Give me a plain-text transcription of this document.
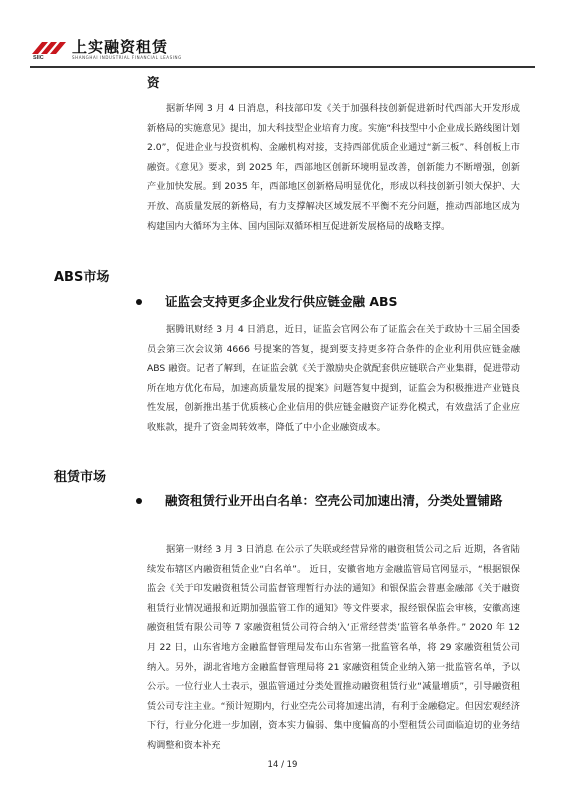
SIIC
上实融资租赁
SHANGHAI INDUSTRIAL FINANCIAL LEASING
资

据新华网 3 月 4 日消息，科技部印发《关于加强科技创新促进新时代西部大开发形成新格局的实施意见》提出，加大科技型企业培育力度。实施“科技型中小企业成长路线图计划 2.0”，促进企业与投资机构、金融机构对接，支持西部优质企业通过“新三板”、科创板上市融资。《意见》要求，到 2025 年，西部地区创新环境明显改善，创新能力不断增强，创新产业加快发展。到 2035 年，西部地区创新格局明显优化，形成以科技创新引领大保护、大开放、高质量发展的新格局，有力支撑解决区域发展不平衡不充分问题，推动西部地区成为构建国内大循环为主体、国内国际双循环相互促进新发展格局的战略支撑。

ABS市场
证监会支持更多企业发行供应链金融 ABS

据腾讯财经 3 月 4 日消息，近日，证监会官网公布了证监会在关于政协十三届全国委员会第三次会议第 4666 号提案的答复，提到要支持更多符合条件的企业利用供应链金融 ABS 融资。记者了解到，在证监会就《关于激励央企就配套供应链联合产业集群，促进带动所在地方优化布局，加速高质量发展的提案》问题答复中提到，证监会为积极推进产业链良性发展，创新推出基于优质核心企业信用的供应链金融资产证券化模式，有效盘活了企业应收账款，提升了资金周转效率，降低了中小企业融资成本。

租赁市场
融资租赁行业开出白名单：空壳公司加速出清，分类处置铺路

据第一财经 3 月 3 日消息 在公示了失联或经营异常的融资租赁公司之后 近期，各省陆续发布辖区内融资租赁企业“白名单”。 近日，安徽省地方金融监管局官网显示，“根据银保监会《关于印发融资租赁公司监督管理暂行办法的通知》和银保监会普惠金融部《关于融资租赁行业情况通报和近期加强监管工作的通知》等文件要求，报经银保监会审核，安徽高速融资租赁有限公司等 7 家融资租赁公司符合纳入‘正常经营类’监管名单条件。” 2020 年 12 月 22 日，山东省地方金融监督管理局发布山东省第一批监管名单，将 29 家融资租赁公司纳入。另外，湖北省地方金融监督管理局将 21 家融资租赁企业纳入第一批监管名单，予以公示。一位行业人士表示，强监管通过分类处置推动融资租赁行业“减量增质”，引导融资租赁公司专注主业。“预计短期内，行业空壳公司将加速出清，有利于金融稳定。但因宏观经济下行，行业分化进一步加剧，资本实力偏弱、集中度偏高的小型租赁公司面临迫切的业务结构调整和资本补充

14 / 19
